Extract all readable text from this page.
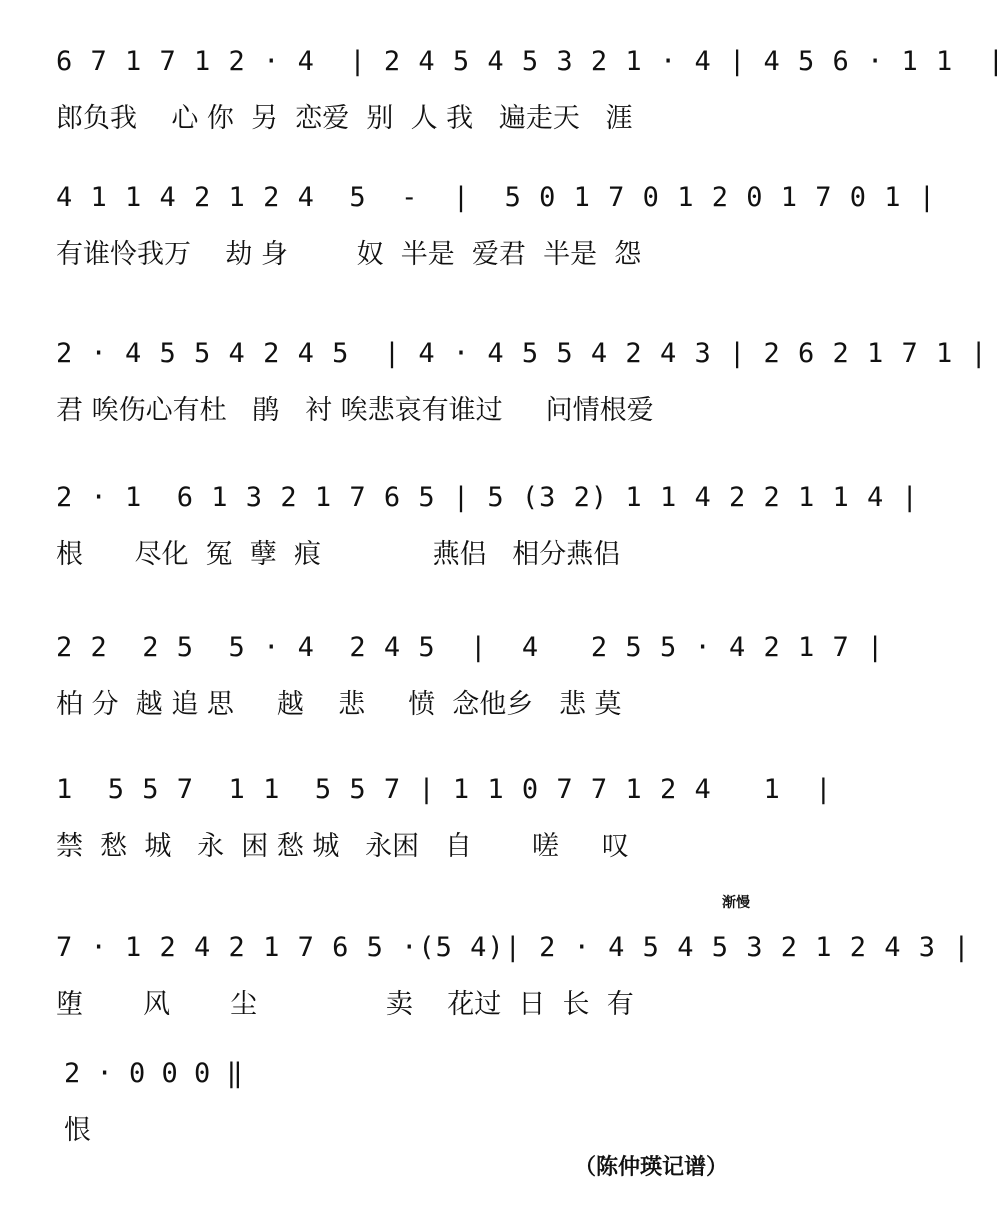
6 7 1 7 1 2 · 4  | 2 4 5 4 5 3 2 1 · 4 | 4 5 6 · 1 1  |
郎负我    心 你  另  恋爱  别  人 我   遍走天   涯
4 1 1 4 2 1 2 4  5  -  |  5 0 1 7 0 1 2 0 1 7 0 1 |
有谁怜我万    劫 身        奴  半是  爱君  半是  怨
2 · 4 5 5 4 2 4 5  | 4 · 4 5 5 4 2 4 3 | 2 6 2 1 7 1 |
君 唉伤心有杜   鹃   衬 唉悲哀有谁过     问情根爱
2 · 1  6 1 3 2 1 7 6 5 | 5 (3 2) 1 1 4 2 2 1 1 4 |
根      尽化  冤  孽  痕             燕侣   相分燕侣
2 2  2 5  5 · 4  2 4 5  |  4   2 5 5 · 4 2 1 7 |
柏 分  越 追 思     越    悲     愤  念他乡   悲 莫
1  5 5 7  1 1  5 5 7 | 1 1 0 7 7 1 2 4   1  |
禁  愁  城   永  困 愁 城   永困   自       嗟     叹
渐慢
7 · 1 2 4 2 1 7 6 5 ·(5 4)| 2 · 4 5 4 5 3 2 1 2 4 3 |
堕       风       尘               卖    花过  日  长  有
2 · 0 0 0 ‖
恨
（陈仲瑛记谱）
